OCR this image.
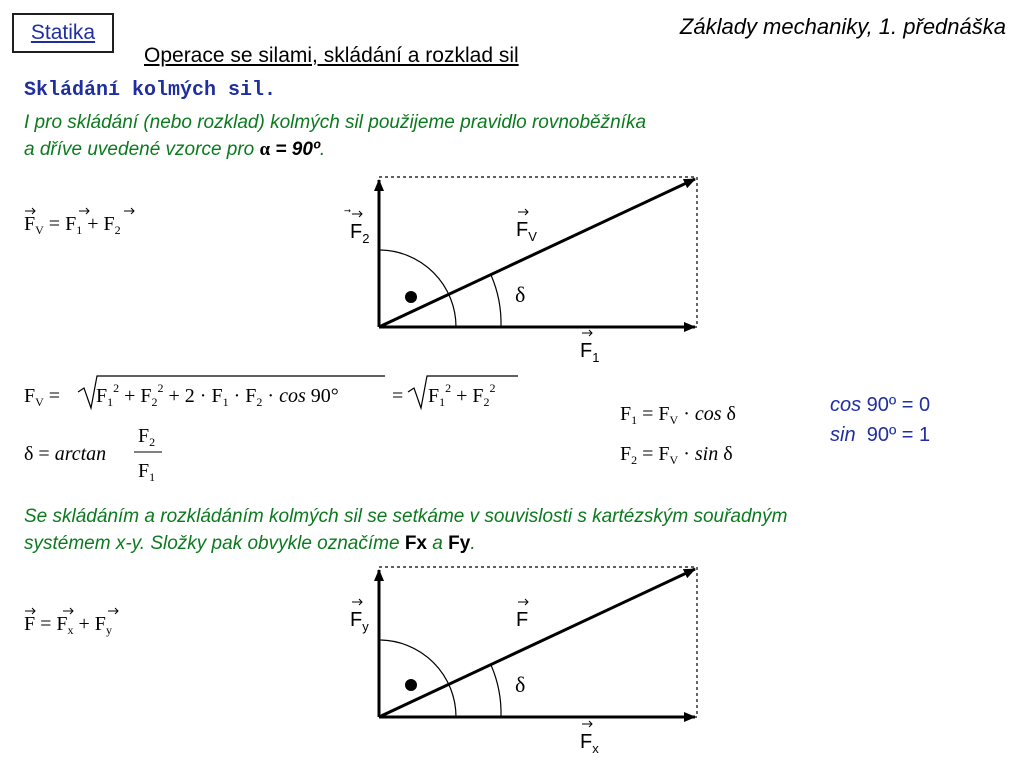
Statika	Základy mechaniky, 1. přednáška
Operace se silami, skládání a rozklad sil
Skládání kolmých sil.
I pro skládání (nebo rozklad) kolmých sil použijeme pravidlo rovnoběžníka
a dříve uvedené vzorce pro α = 90º.
cos 90º = 0
sin  90º = 1
Se skládáním a rozkládáním kolmých sil se setkáme v souvislosti s kartézským souřadným
systémem x-y. Složky pak obvykle označíme Fx a Fy.
$F_2$	$F_V$
δ
$F_1$
$F_y$	F
δ
$F_x$
$F_V = F_1 + F_2$
$F_V = F_1^2 + F_2^2 + 2 \cdot F_1 \cdot F_2 \cdot \cos 90^\circ$	= $F_1^2 + F_2^2$
δ = arctan
$F_2$
$F_1$
$F_1 = F_V \cdot \cos \delta$
$F_2 = F_V \cdot \sin \delta$
$F = F_x + F_y$
